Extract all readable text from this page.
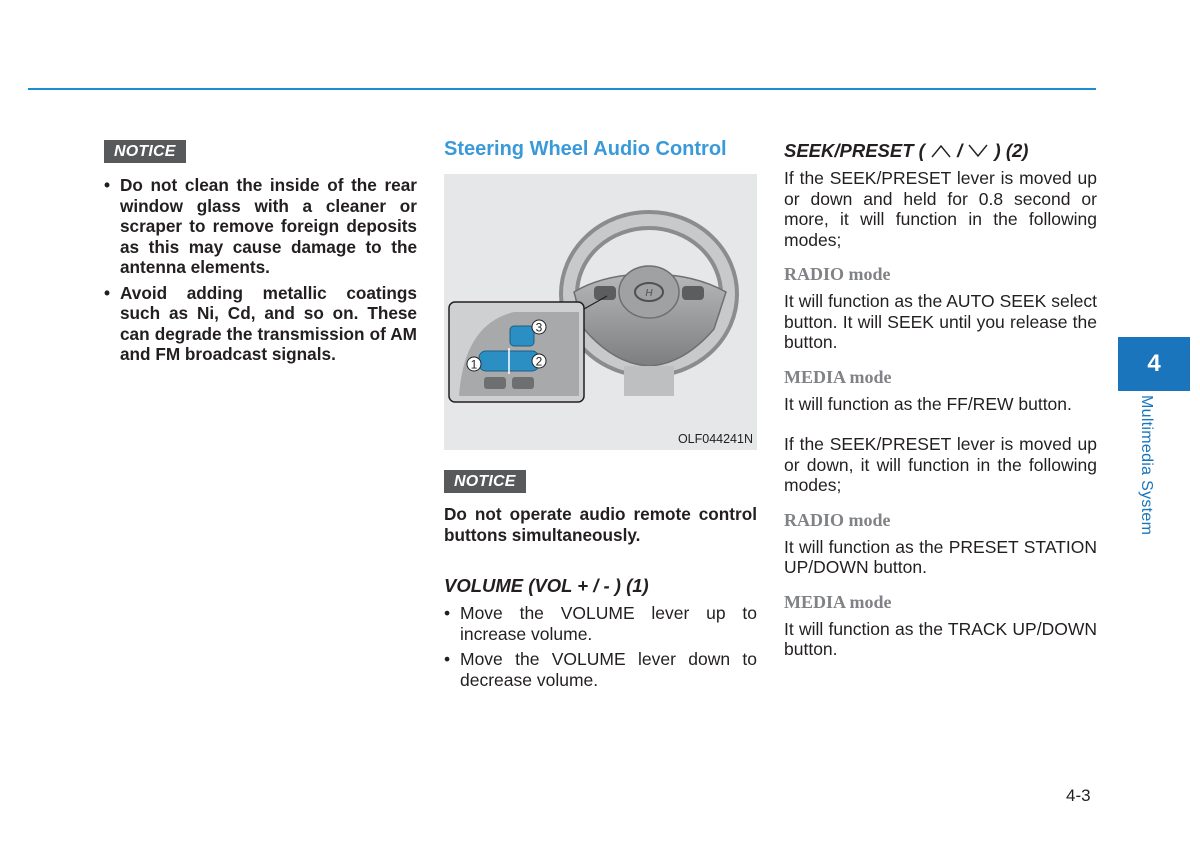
NOTICE
• Do not clean the inside of the rear window glass with a cleaner or scraper to remove foreign deposits as this may cause damage to the antenna elements.
• Avoid adding metallic coatings such as Ni, Cd, and so on. These can degrade the transmission of AM and FM broadcast signals.
Steering Wheel Audio Control
H
3
2
1
OLF044241N
NOTICE

Do not operate audio remote control buttons simultaneously.

VOLUME (VOL + / - ) (1)
• Move the VOLUME lever up to increase volume.
• Move the VOLUME lever down to decrease volume.
SEEK/PRESET ( / ) (2)

If the SEEK/PRESET lever is moved up or down and held for 0.8 second or more, it will function in the following modes;

RADIO mode

It will function as the AUTO SEEK select button. It will SEEK until you release the button.

MEDIA mode

It will function as the FF/REW button.

If the SEEK/PRESET lever is moved up or down, it will function in the following modes;

RADIO mode

It will function as the PRESET STATION UP/DOWN button.

MEDIA mode

It will function as the TRACK UP/DOWN button.

4
Multimedia System
4-3
